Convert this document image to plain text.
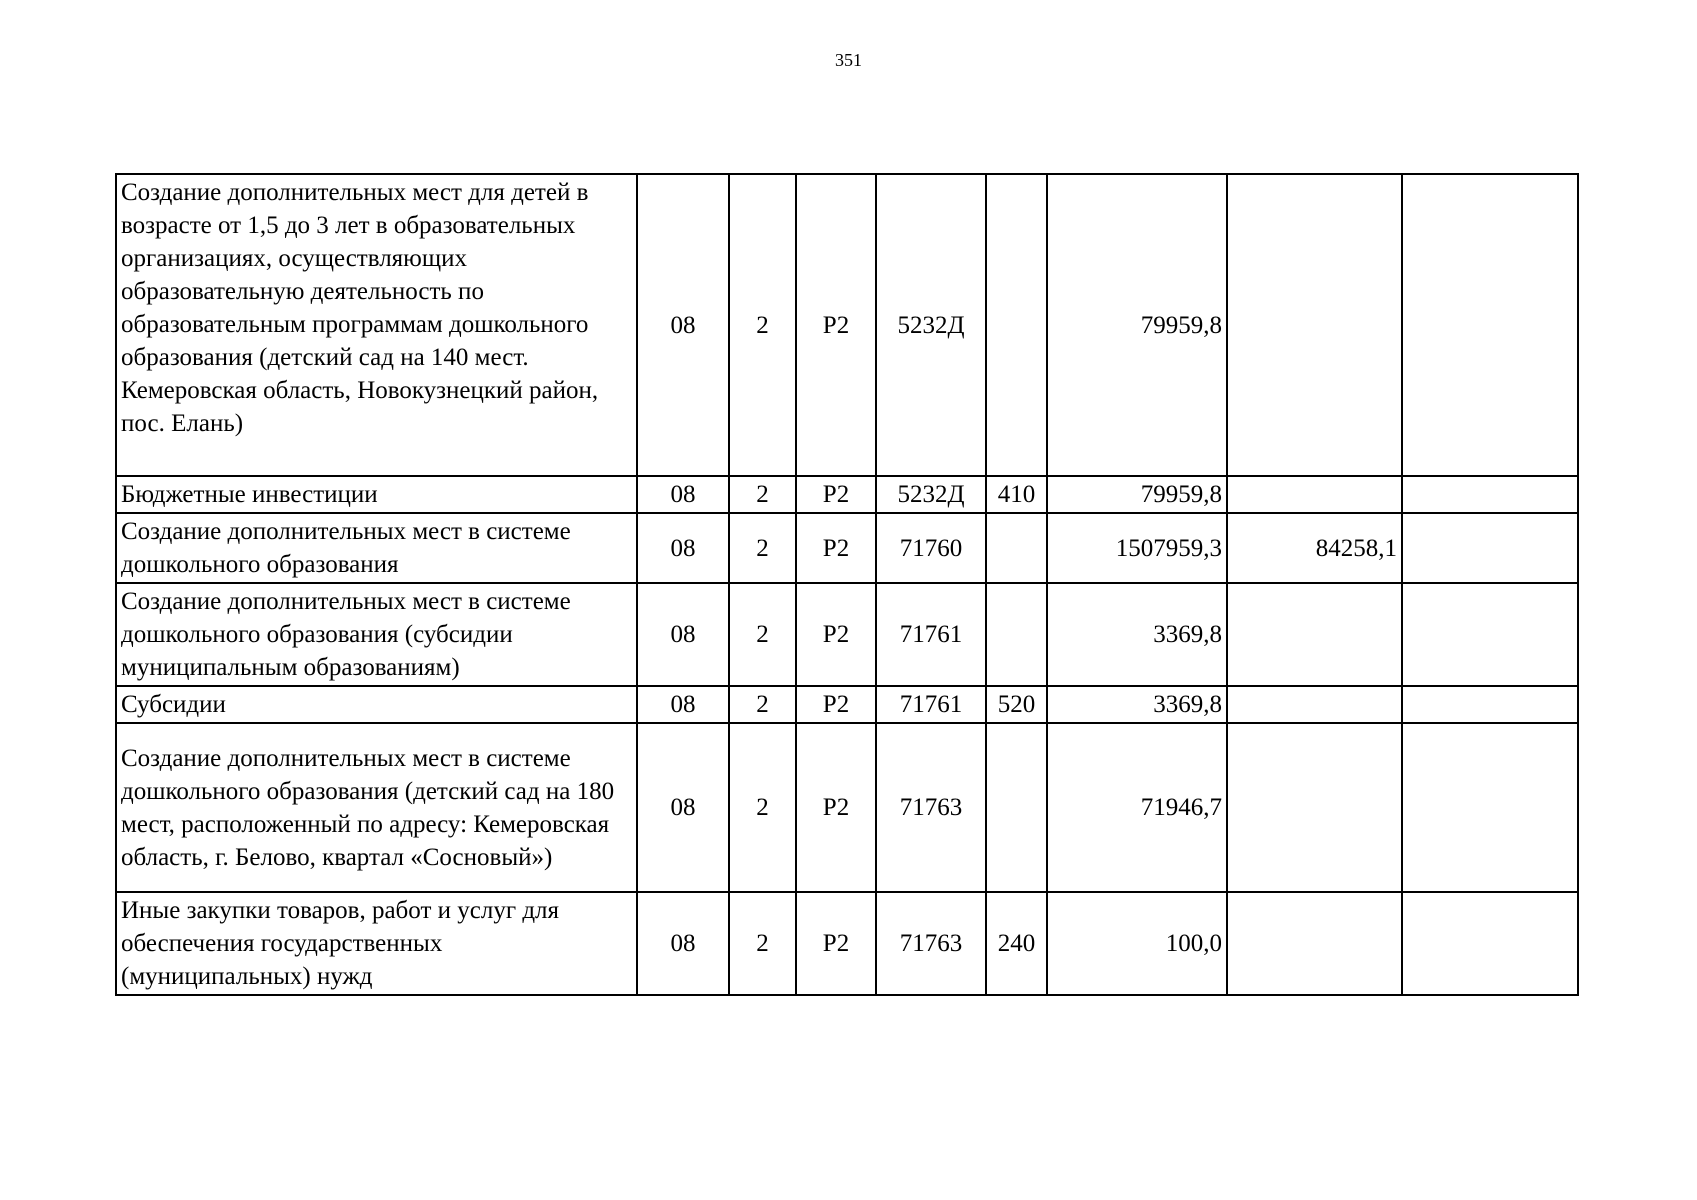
351
Создание дополнительных мест для детей в возрасте от 1,5 до 3 лет в образовательных организациях, осуществляющих образовательную деятельность по образовательным программам дошкольного образования (детский сад на 140 мест. Кемеровская область, Новокузнецкий район, пос. Елань)	08	2	Р2	5232Д		79959,8		
Бюджетные инвестиции	08	2	Р2	5232Д	410	79959,8		
Создание дополнительных мест в системе дошкольного образования	08	2	Р2	71760		1507959,3	84258,1	
Создание дополнительных мест в системе дошкольного образования (субсидии муниципальным образованиям)	08	2	Р2	71761		3369,8		
Субсидии	08	2	Р2	71761	520	3369,8		
Создание дополнительных мест в системе дошкольного образования (детский сад на 180 мест, расположенный по адресу: Кемеровская область, г. Белово, квартал «Сосновый»)	08	2	Р2	71763		71946,7		
Иные закупки товаров, работ и услуг для обеспечения государственных (муниципальных) нужд	08	2	Р2	71763	240	100,0		
